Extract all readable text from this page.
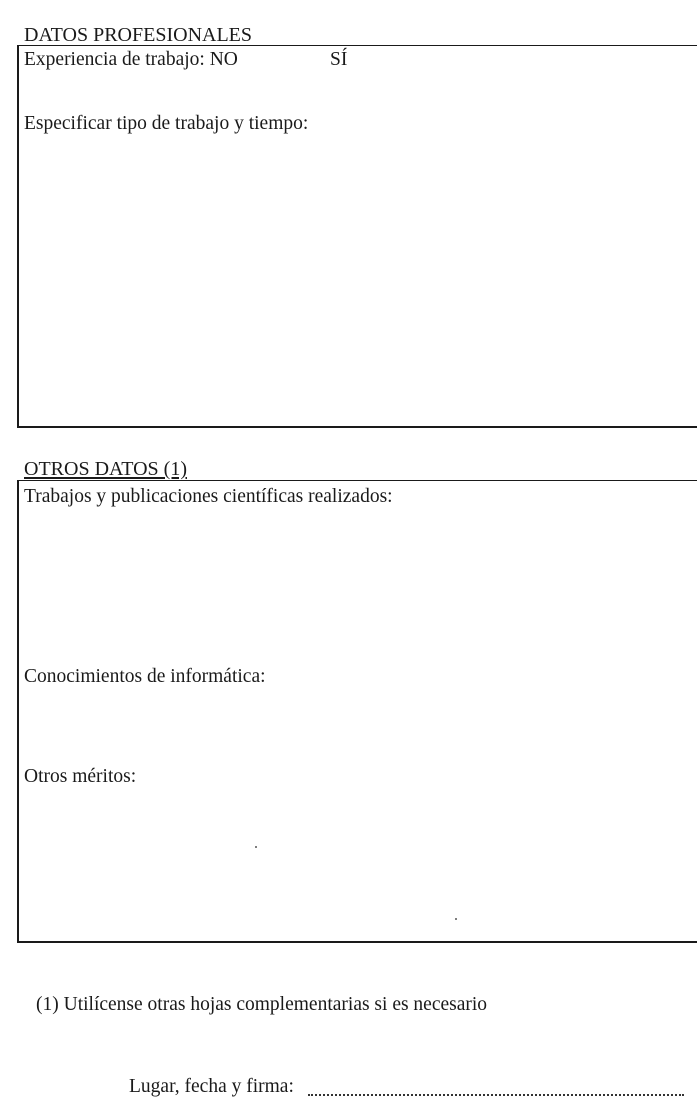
DATOS PROFESIONALES
Experiencia de trabajo: NO	SÍ
Especificar tipo de trabajo y tiempo:
OTROS DATOS (1)
Trabajos y publicaciones científicas realizados:
Conocimientos de informática:
Otros méritos:
(1) Utilícense otras hojas complementarias si es necesario
Lugar, fecha y firma:
